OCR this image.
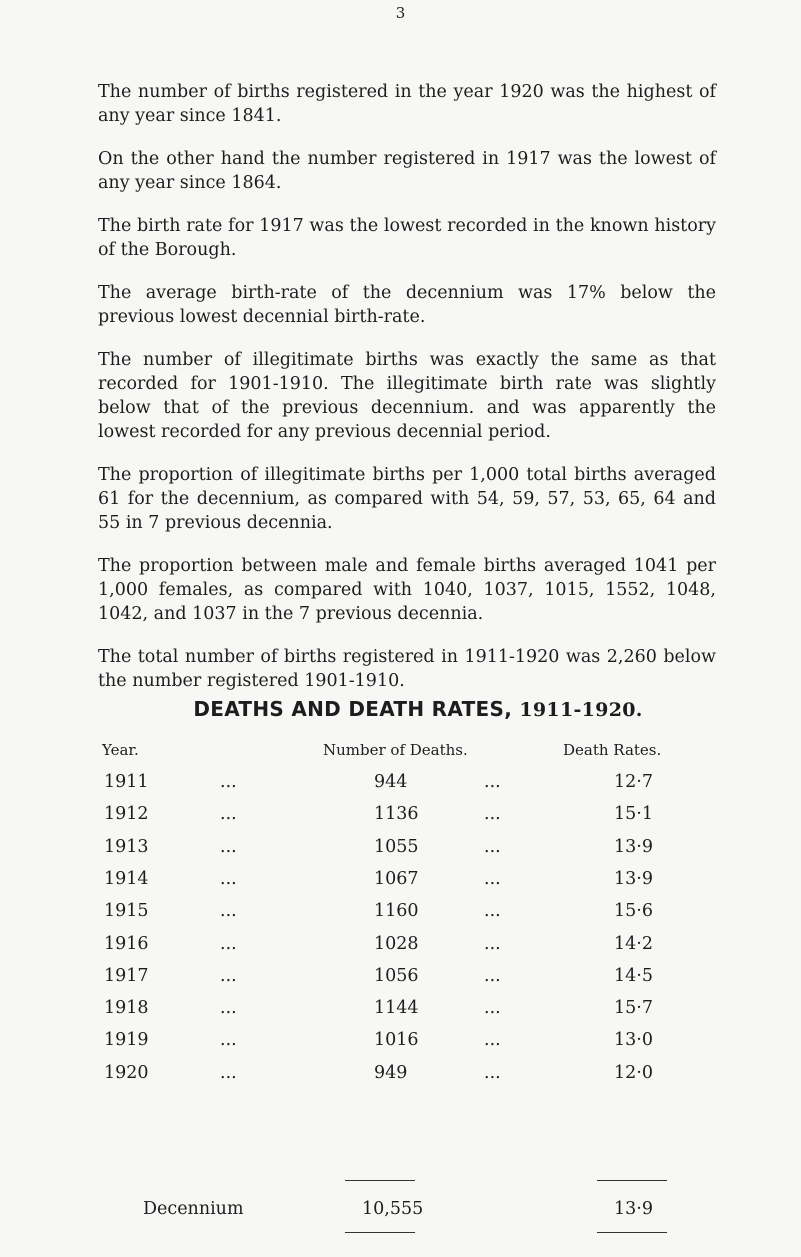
3

The number of births registered in the year 1920 was the highest of any year since 1841.

On the other hand the number registered in 1917 was the lowest of any year since 1864.

The birth rate for 1917 was the lowest recorded in the known history of the Borough.

The average birth-rate of the decennium was 17% below the previous lowest decennial birth-rate.

The number of illegitimate births was exactly the same as that recorded for 1901-1910. The illegitimate birth rate was slightly below that of the previous decennium. and was apparently the lowest recorded for any previous decennial period.

The proportion of illegitimate births per 1,000 total births averaged 61 for the decennium, as compared with 54, 59, 57, 53, 65, 64 and 55 in 7 previous decennia.

The proportion between male and female births averaged 1041 per 1,000 females, as compared with 1040, 1037, 1015, 1552, 1048, 1042, and 1037 in the 7 previous decennia.

The total number of births registered in 1911-1920 was 2,260 below the number registered 1901-1910.

DEATHS AND DEATH RATES, 1911-1920.
Year.	Number of Deaths.	Death Rates.
1911	...	944	...	12·7
1912	...	1136	...	15·1
1913	...	1055	...	13·9
1914	...	1067	...	13·9
1915	...	1160	...	15·6
1916	...	1028	...	14·2
1917	...	1056	...	14·5
1918	...	1144	...	15·7
1919	...	1016	...	13·0
1920	...	949	...	12·0
Decennium	10,555	13·9
